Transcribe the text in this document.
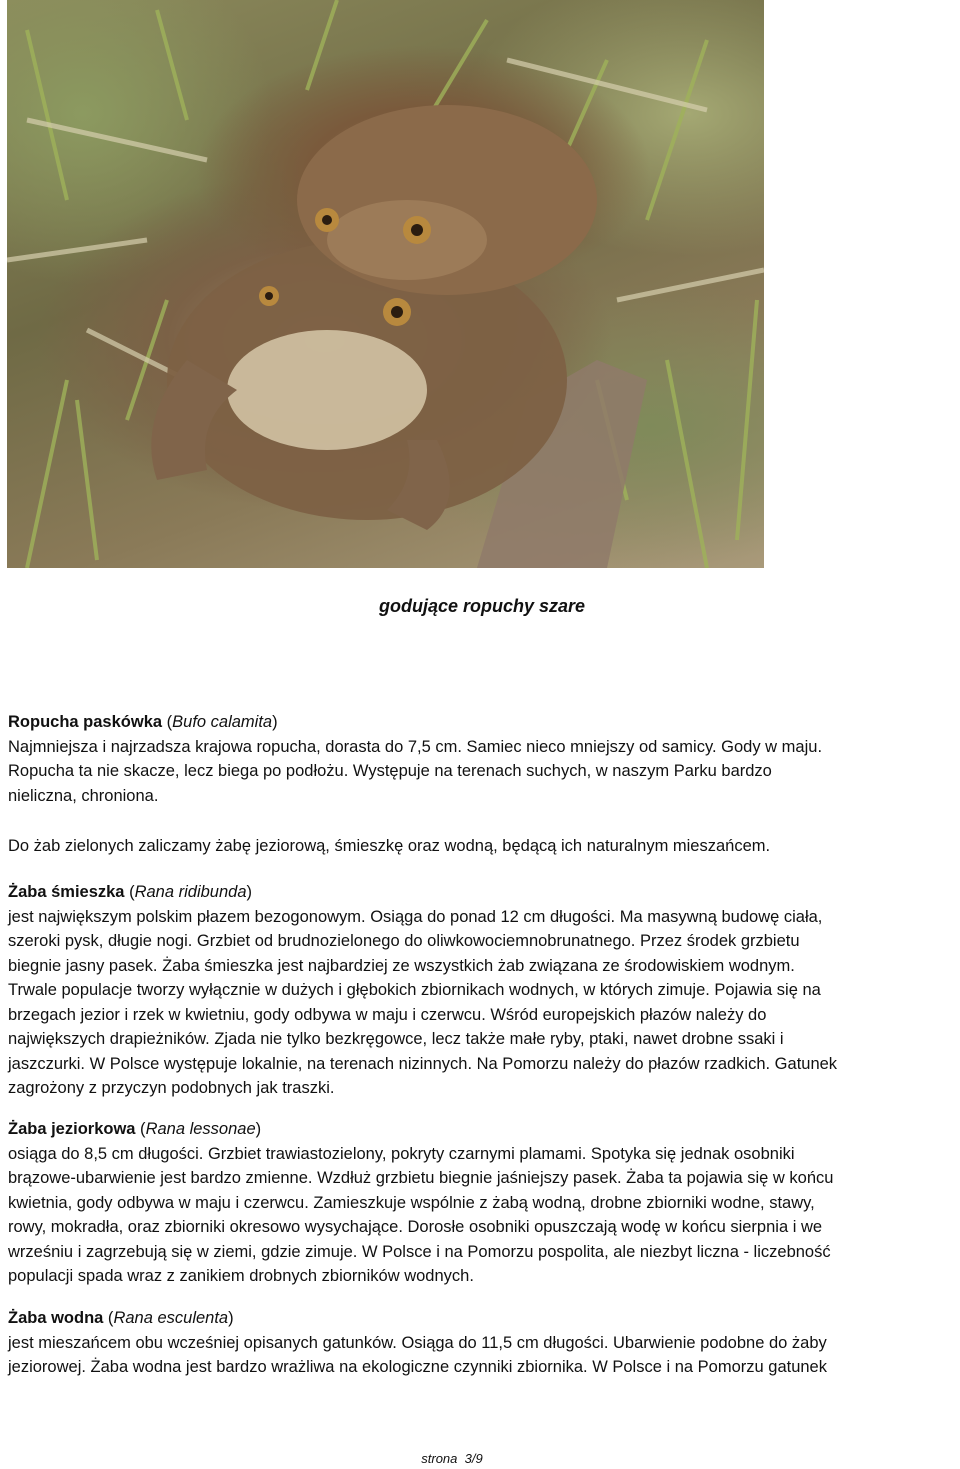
godujące ropuchy szare

Ropucha paskówka (Bufo calamita)

Najmniejsza i najrzadsza krajowa ropucha, dorasta do 7,5 cm. Samiec nieco mniejszy od samicy. Gody w maju.

Ropucha ta nie skacze, lecz biega po podłożu. Występuje na terenach suchych, w naszym Parku bardzo

nieliczna, chroniona.

Do żab zielonych zaliczamy żabę jeziorową, śmieszkę oraz wodną, będącą ich naturalnym mieszańcem.

Żaba śmieszka (Rana ridibunda)

jest największym polskim płazem bezogonowym. Osiąga do ponad 12 cm długości. Ma masywną budowę ciała,

szeroki pysk, długie nogi. Grzbiet od brudnozielonego do oliwkowociemnobrunatnego. Przez środek grzbietu

biegnie jasny pasek. Żaba śmieszka jest najbardziej ze wszystkich żab związana ze środowiskiem wodnym.

Trwale populacje tworzy wyłącznie w dużych i głębokich zbiornikach wodnych, w których zimuje. Pojawia się na

brzegach jezior i rzek w kwietniu, gody odbywa w maju i czerwcu. Wśród europejskich płazów należy do

największych drapieżników. Zjada nie tylko bezkręgowce, lecz także małe ryby, ptaki, nawet drobne ssaki i

jaszczurki. W Polsce występuje lokalnie, na terenach nizinnych. Na Pomorzu należy do płazów rzadkich. Gatunek

zagrożony z przyczyn podobnych jak traszki.

Żaba jeziorkowa (Rana lessonae)

osiąga do 8,5 cm długości. Grzbiet trawiastozielony, pokryty czarnymi plamami. Spotyka się jednak osobniki

brązowe-ubarwienie jest bardzo zmienne. Wzdłuż grzbietu biegnie jaśniejszy pasek. Żaba ta pojawia się w końcu

kwietnia, gody odbywa w maju i czerwcu. Zamieszkuje wspólnie z żabą wodną, drobne zbiorniki wodne, stawy,

rowy, mokradła, oraz zbiorniki okresowo wysychające. Dorosłe osobniki opuszczają wodę w końcu sierpnia i we

wrześniu i zagrzebują się w ziemi, gdzie zimuje. W Polsce i na Pomorzu pospolita, ale niezbyt liczna - liczebność

populacji spada wraz z zanikiem drobnych zbiorników wodnych.

Żaba wodna (Rana esculenta)

jest mieszańcem obu wcześniej opisanych gatunków. Osiąga do 11,5 cm długości. Ubarwienie podobne do żaby

jeziorowej. Żaba wodna jest bardzo wrażliwa na ekologiczne czynniki zbiornika. W Polsce i na Pomorzu gatunek

strona 3/9
